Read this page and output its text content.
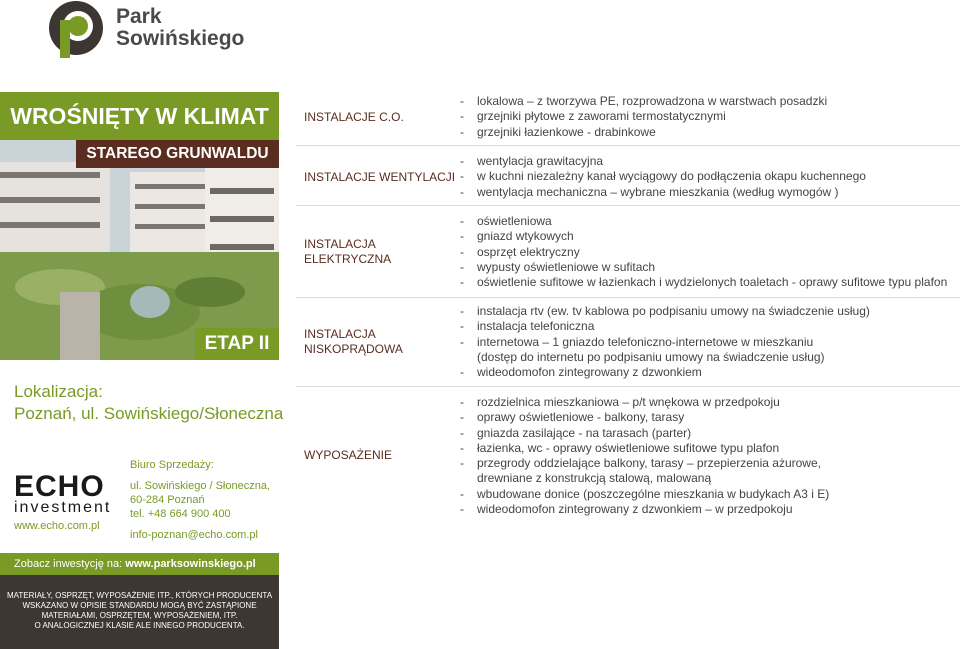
Park
Sowińskiego
WROŚNIĘTY W KLIMAT
STAREGO GRUNWALDU
ETAP II
Lokalizacja:
Poznań, ul. Sowińskiego/Słoneczna
ECHO
investment
www.echo.com.pl
Biuro Sprzedaży:
ul. Sowińskiego / Słoneczna,
60-284 Poznań
tel. +48 664 900 400
info-poznan@echo.com.pl
Zobacz inwestycję na: www.parksowinskiego.pl
MATERIAŁY, OSPRZĘT, WYPOSAŻENIE ITP., KTÓRYCH PRODUCENTA
WSKAZANO W OPISIE STANDARDU MOGĄ BYĆ ZASTĄPIONE
MATERIAŁAMI, OSPRZĘTEM, WYPOSAŻENIEM, ITP.
O ANALOGICZNEJ KLASIE ALE INNEGO PRODUCENTA.
INSTALACJE C.O.
-	lokalowa – z tworzywa PE, rozprowadzona w warstwach posadzki
-	grzejniki płytowe z zaworami termostatycznymi
-	grzejniki łazienkowe - drabinkowe
INSTALACJE WENTYLACJI
-	wentylacja grawitacyjna
-	w kuchni niezależny kanał wyciągowy do podłączenia okapu kuchennego
-	wentylacja mechaniczna – wybrane mieszkania (według wymogów )
INSTALACJA
ELEKTRYCZNA
-	oświetleniowa
-	gniazd wtykowych
-	osprzęt elektryczny
-	wypusty oświetleniowe w sufitach
-	oświetlenie sufitowe w łazienkach i wydzielonych toaletach - oprawy sufitowe typu plafon
INSTALACJA
NISKOPRĄDOWA
-	instalacja rtv (ew. tv kablowa po podpisaniu umowy na świadczenie usług)
-	instalacja telefoniczna
-	internetowa – 1 gniazdo telefoniczno-internetowe w mieszkaniu
(dostęp do internetu po podpisaniu umowy na świadczenie usług)
-	wideodomofon zintegrowany z dzwonkiem
WYPOSAŻENIE
-	rozdzielnica mieszkaniowa – p/t wnękowa w przedpokoju
-	oprawy oświetleniowe - balkony, tarasy
-	gniazda zasilające - na tarasach (parter)
-	łazienka, wc - oprawy oświetleniowe sufitowe typu plafon
-	przegrody oddzielające balkony, tarasy – przepierzenia ażurowe,
drewniane z konstrukcją stalową, malowaną
-	wbudowane donice (poszczególne mieszkania w budykach A3 i E)
-	wideodomofon zintegrowany z dzwonkiem – w przedpokoju
